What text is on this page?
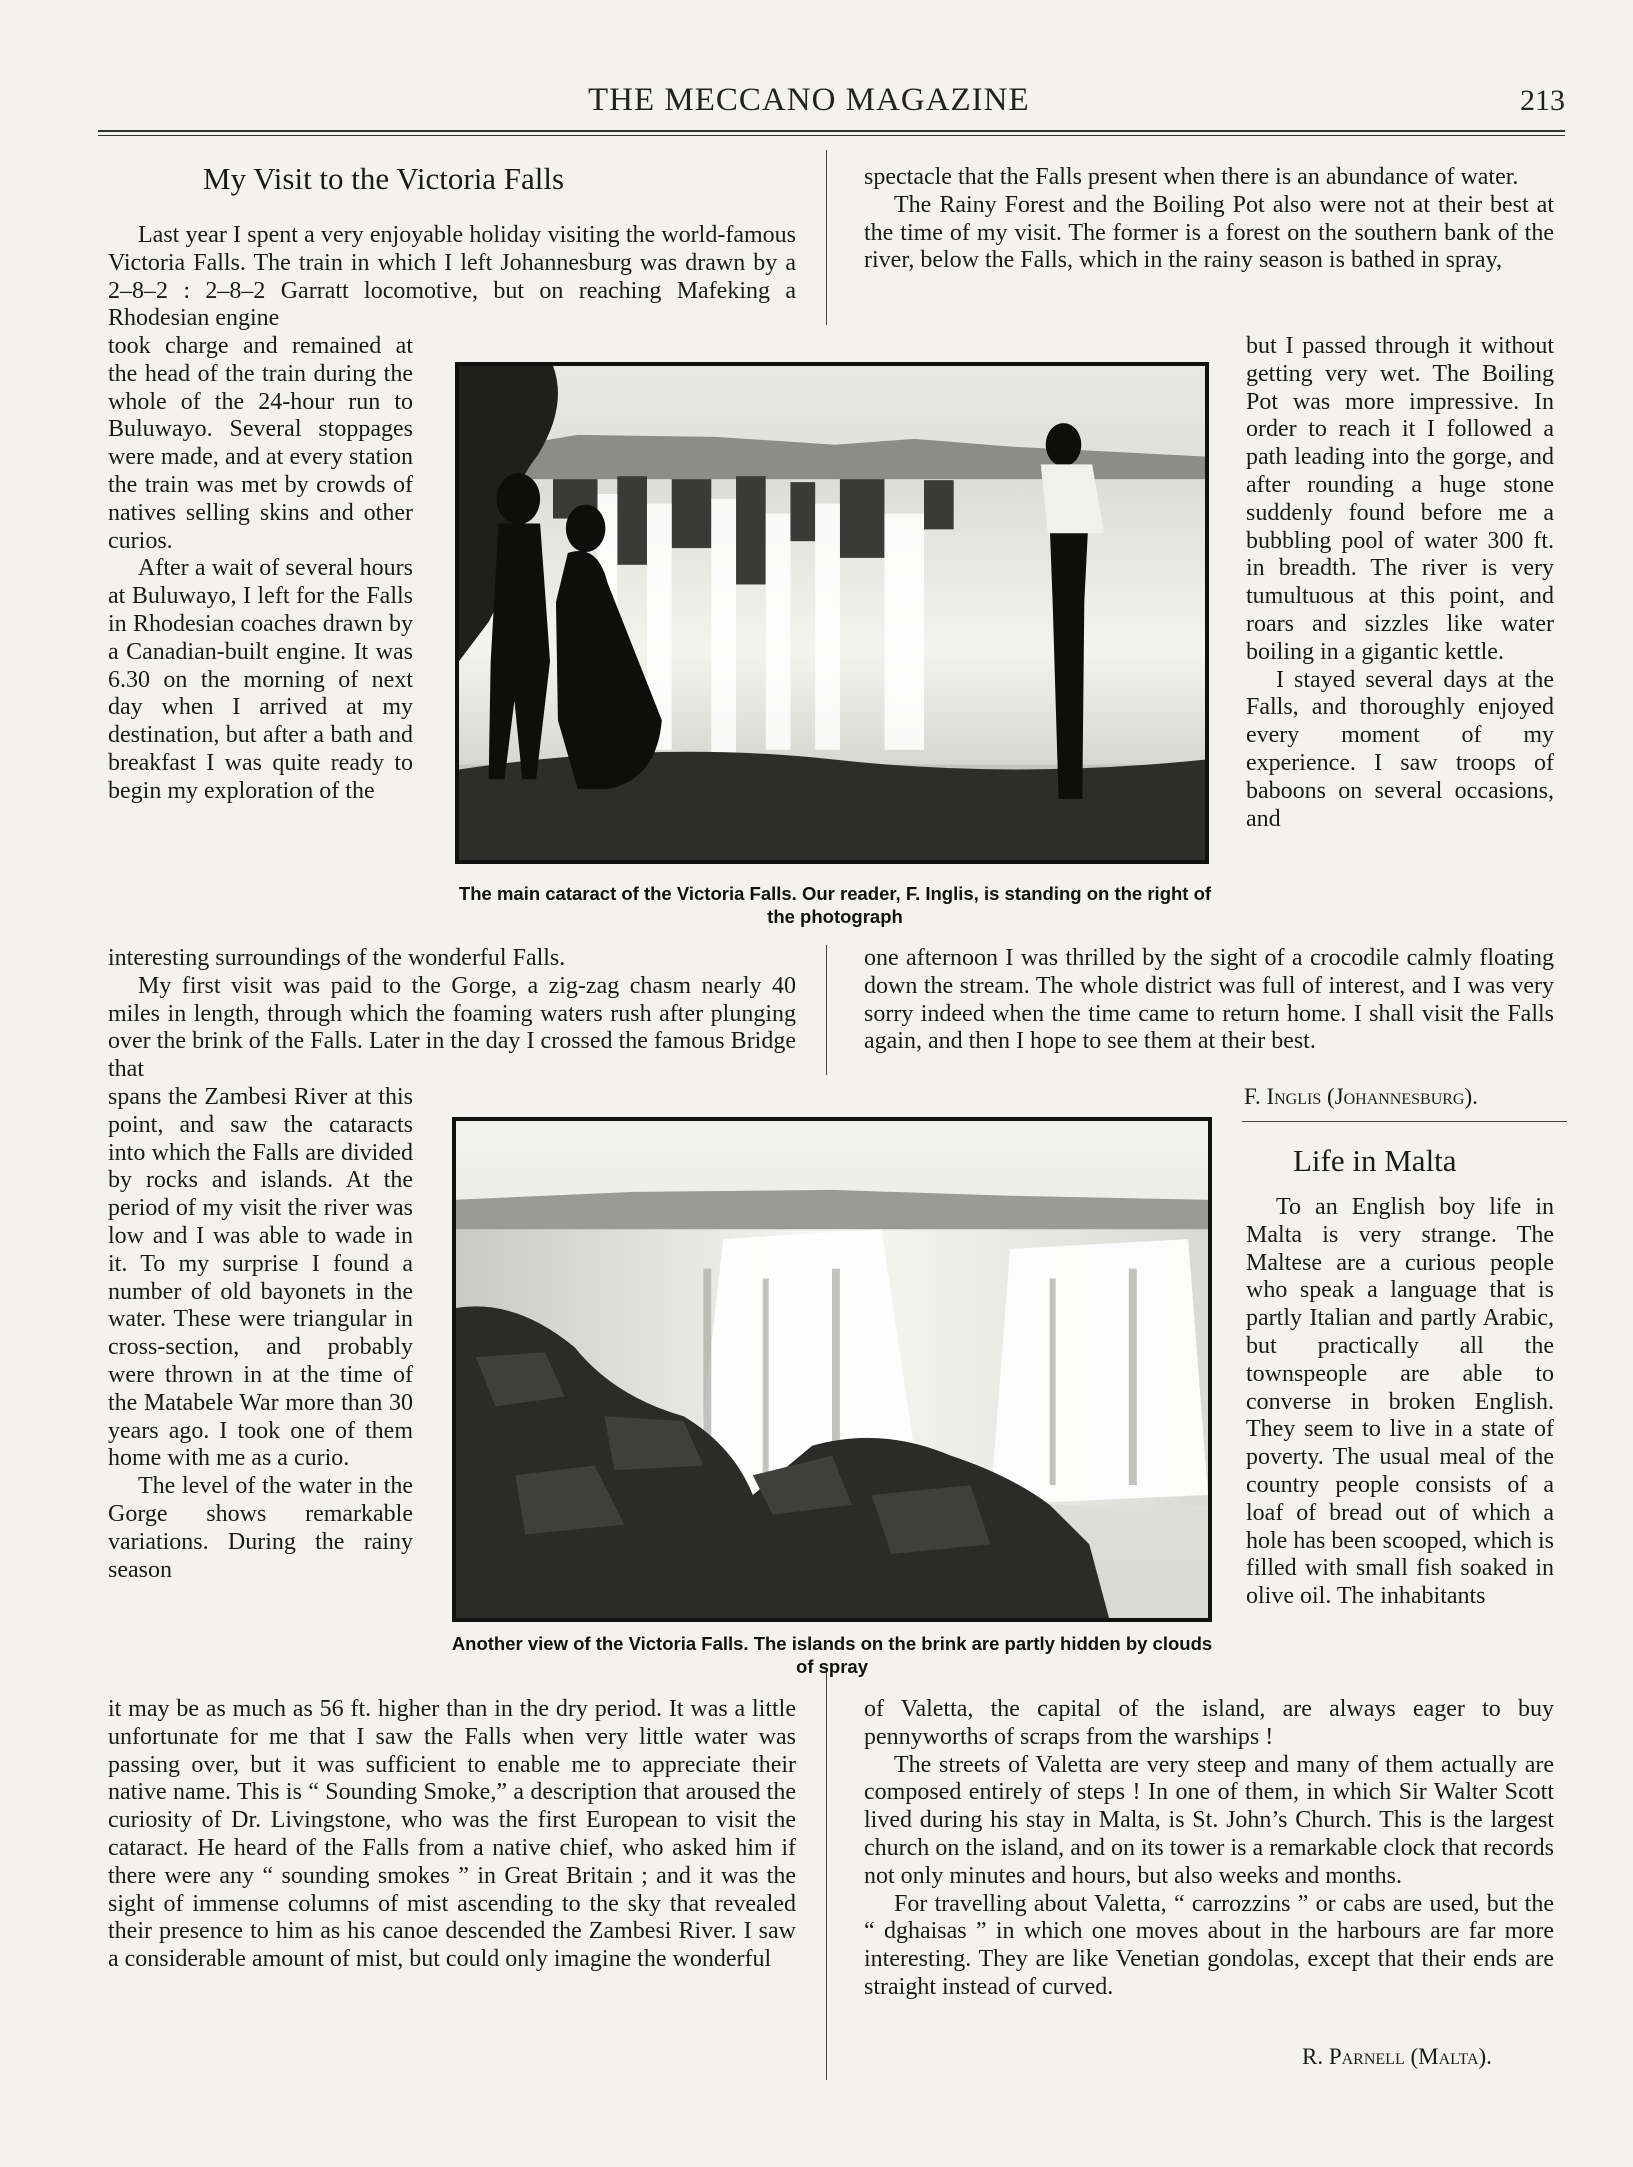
THE MECCANO MAGAZINE	213
My Visit to the Victoria Falls

Last year I spent a very enjoyable holiday visiting the world-famous Victoria Falls. The train in which I left Johannesburg was drawn by a 2–8–2 : 2–8–2 Garratt locomotive, but on reaching Mafeking a Rhodesian engine

took charge and remained at the head of the train during the whole of the 24-hour run to Buluwayo. Several stoppages were made, and at every station the train was met by crowds of natives selling skins and other curios.

After a wait of several hours at Buluwayo, I left for the Falls in Rhodesian coaches drawn by a Canadian-built engine. It was 6.30 on the morning of next day when I arrived at my destination, but after a bath and breakfast I was quite ready to begin my exploration of the

interesting surroundings of the wonderful Falls.

My first visit was paid to the Gorge, a zig-zag chasm nearly 40 miles in length, through which the foaming waters rush after plunging over the brink of the Falls. Later in the day I crossed the famous Bridge that

spans the Zambesi River at this point, and saw the cataracts into which the Falls are divided by rocks and islands. At the period of my visit the river was low and I was able to wade in it. To my surprise I found a number of old bayonets in the water. These were triangular in cross-section, and probably were thrown in at the time of the Matabele War more than 30 years ago. I took one of them home with me as a curio.

The level of the water in the Gorge shows remarkable variations. During the rainy season

it may be as much as 56 ft. higher than in the dry period. It was a little unfortunate for me that I saw the Falls when very little water was passing over, but it was sufficient to enable me to appreciate their native name. This is “ Sounding Smoke,” a description that aroused the curiosity of Dr. Livingstone, who was the first European to visit the cataract. He heard of the Falls from a native chief, who asked him if there were any “ sounding smokes ” in Great Britain ; and it was the sight of immense columns of mist ascending to the sky that revealed their presence to him as his canoe descended the Zambesi River. I saw a considerable amount of mist, but could only imagine the wonderful

spectacle that the Falls present when there is an abundance of water.

The Rainy Forest and the Boiling Pot also were not at their best at the time of my visit. The former is a forest on the southern bank of the river, below the Falls, which in the rainy season is bathed in spray,

but I passed through it without getting very wet. The Boiling Pot was more impressive. In order to reach it I followed a path leading into the gorge, and after rounding a huge stone suddenly found before me a bubbling pool of water 300 ft. in breadth. The river is very tumultuous at this point, and roars and sizzles like water boiling in a gigantic kettle.

I stayed several days at the Falls, and thoroughly enjoyed every moment of my experience. I saw troops of baboons on several occasions, and

one afternoon I was thrilled by the sight of a crocodile calmly floating down the stream. The whole district was full of interest, and I was very sorry indeed when the time came to return home. I shall visit the Falls again, and then I hope to see them at their best.

F. Inglis (Johannesburg).
The main cataract of the Victoria Falls. Our reader, F. Inglis, is standing on the right of the photograph
Another view of the Victoria Falls. The islands on the brink are partly hidden by clouds of spray
Life in Malta

To an English boy life in Malta is very strange. The Maltese are a curious people who speak a language that is partly Italian and partly Arabic, but practically all the townspeople are able to converse in broken English. They seem to live in a state of poverty. The usual meal of the country people consists of a loaf of bread out of which a hole has been scooped, which is filled with small fish soaked in olive oil. The inhabitants

of Valetta, the capital of the island, are always eager to buy pennyworths of scraps from the warships !

The streets of Valetta are very steep and many of them actually are composed entirely of steps ! In one of them, in which Sir Walter Scott lived during his stay in Malta, is St. John’s Church. This is the largest church on the island, and on its tower is a remarkable clock that records not only minutes and hours, but also weeks and months.

For travelling about Valetta, “ carrozzins ” or cabs are used, but the “ dghaisas ” in which one moves about in the harbours are far more interesting. They are like Venetian gondolas, except that their ends are straight instead of curved.

R. Parnell (Malta).
